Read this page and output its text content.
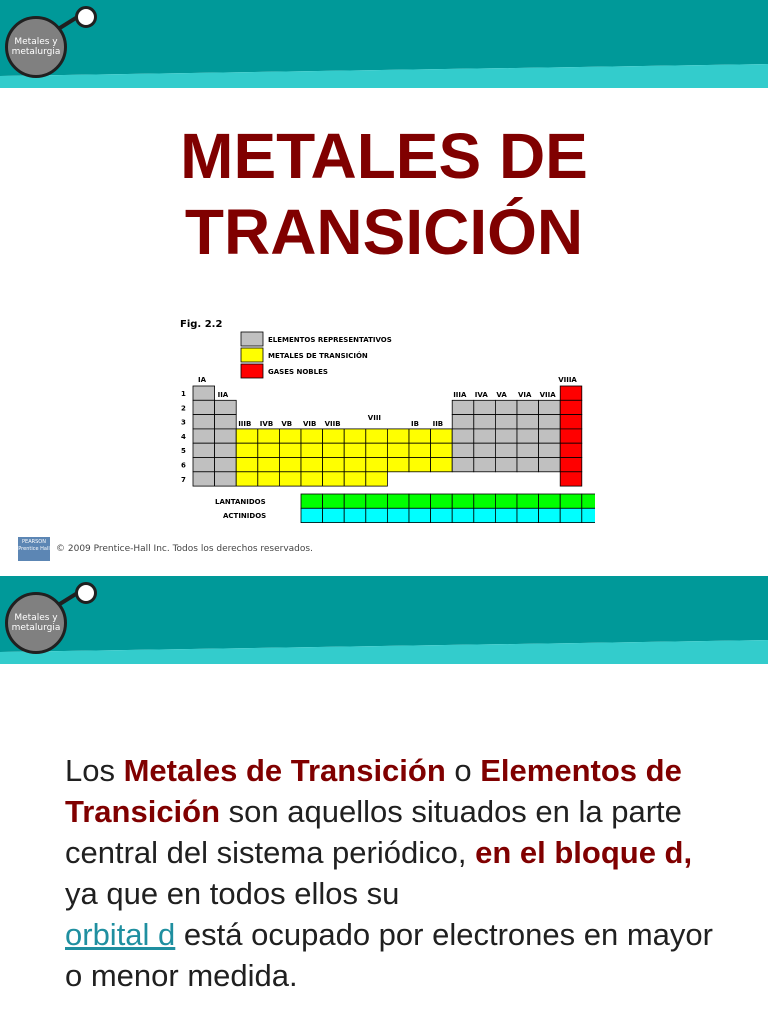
Metales y
metalurgia
METALES DE
TRANSICIÓN
Fig. 2.2
ELEMENTOS REPRESENTATIVOS
METALES DE TRANSICIÓN
GASES NOBLES
1
2
3
4
5
6
7
IA
IIA
VIIIA
IIIA IVA VA VIA VIIA
IIIB IVB VB VIB VIIB
VIII
IB IIB
LANTANIDOS
ACTINIDOS
PEARSON
Prentice Hall © 2009 Prentice-Hall Inc. Todos los derechos reservados.
Metales y
metalurgia
Los Metales de Transición o Elementos de Transición son aquellos situados en la parte central del sistema periódico, en el bloque d, ya que en todos ellos su
orbital d está ocupado por electrones en mayor o menor medida.
